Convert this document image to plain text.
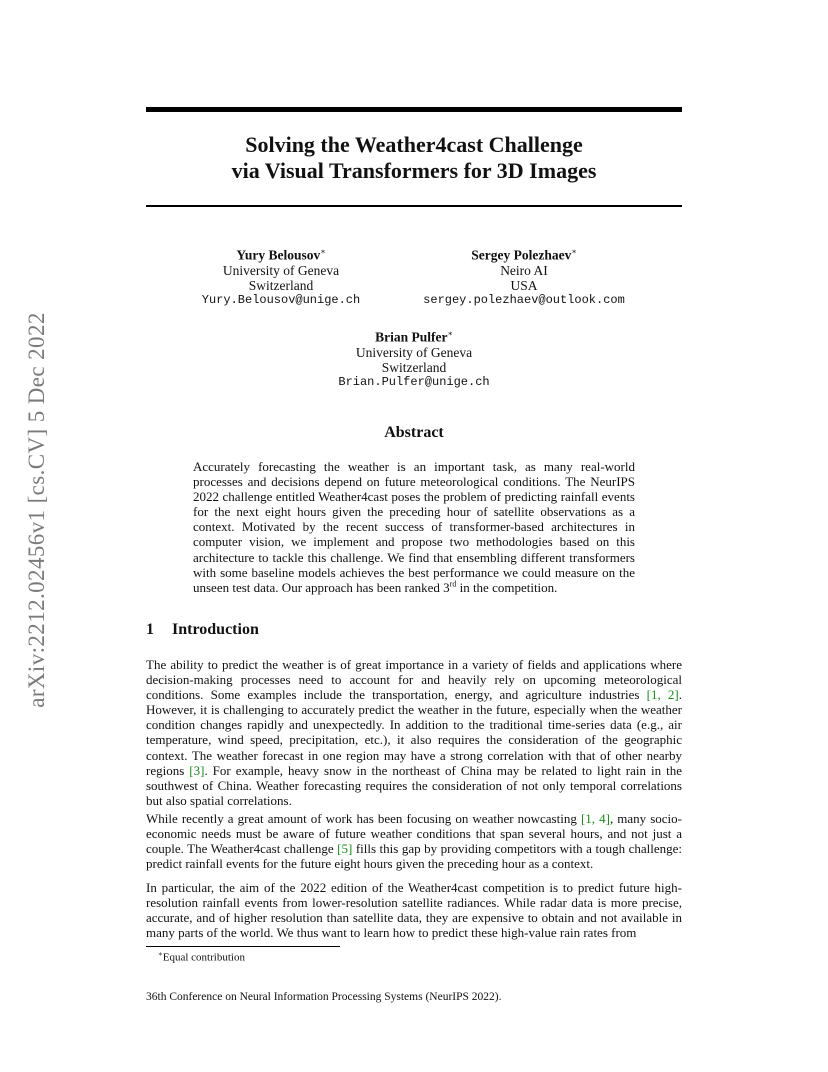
arXiv:2212.02456v1 [cs.CV] 5 Dec 2022
Solving the Weather4cast Challenge
via Visual Transformers for 3D Images
Yury Belousov∗
University of Geneva
Switzerland
Yury.Belousov@unige.ch
Sergey Polezhaev∗
Neiro AI
USA
sergey.polezhaev@outlook.com
Brian Pulfer∗
University of Geneva
Switzerland
Brian.Pulfer@unige.ch
Abstract
Accurately forecasting the weather is an important task, as many real-world processes and decisions depend on future meteorological conditions. The NeurIPS 2022 challenge entitled Weather4cast poses the problem of predicting rainfall events for the next eight hours given the preceding hour of satellite observations as a context. Motivated by the recent success of transformer-based architectures in computer vision, we implement and propose two methodologies based on this architecture to tackle this challenge. We find that ensembling different transformers with some baseline models achieves the best performance we could measure on the unseen test data. Our approach has been ranked 3rd in the competition.
1 Introduction
The ability to predict the weather is of great importance in a variety of fields and applications where decision-making processes need to account for and heavily rely on upcoming meteorological conditions. Some examples include the transportation, energy, and agriculture industries [1, 2]. However, it is challenging to accurately predict the weather in the future, especially when the weather condition changes rapidly and unexpectedly. In addition to the traditional time-series data (e.g., air temperature, wind speed, precipitation, etc.), it also requires the consideration of the geographic context. The weather forecast in one region may have a strong correlation with that of other nearby regions [3]. For example, heavy snow in the northeast of China may be related to light rain in the southwest of China. Weather forecasting requires the consideration of not only temporal correlations but also spatial correlations.
While recently a great amount of work has been focusing on weather nowcasting [1, 4], many socio-economic needs must be aware of future weather conditions that span several hours, and not just a couple. The Weather4cast challenge [5] fills this gap by providing competitors with a tough challenge: predict rainfall events for the future eight hours given the preceding hour as a context.
In particular, the aim of the 2022 edition of the Weather4cast competition is to predict future high-resolution rainfall events from lower-resolution satellite radiances. While radar data is more precise, accurate, and of higher resolution than satellite data, they are expensive to obtain and not available in many parts of the world. We thus want to learn how to predict these high-value rain rates from
∗Equal contribution
36th Conference on Neural Information Processing Systems (NeurIPS 2022).
